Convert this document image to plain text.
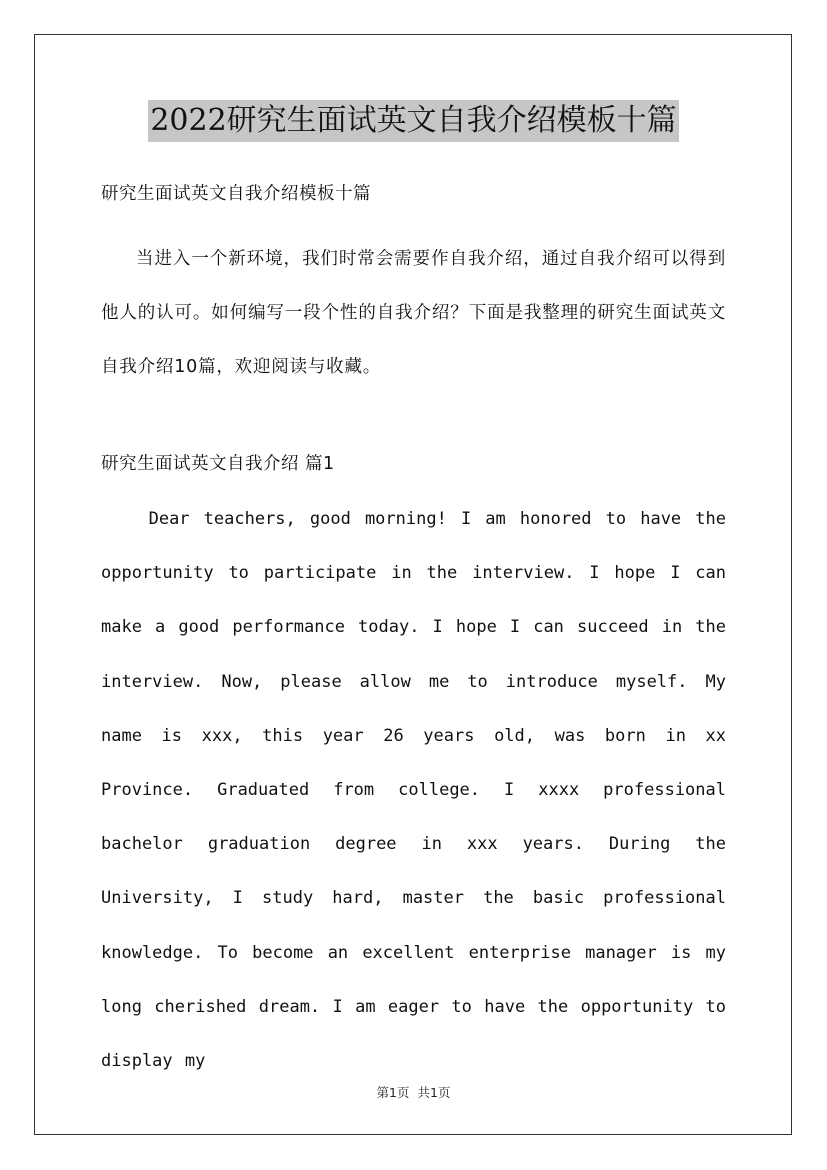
2022研究生面试英文自我介绍模板十篇
研究生面试英文自我介绍模板十篇
当进入一个新环境，我们时常会需要作自我介绍，通过自我介绍可以得到他人的认可。如何编写一段个性的自我介绍？下面是我整理的研究生面试英文自我介绍10篇，欢迎阅读与收藏。
研究生面试英文自我介绍 篇1
Dear teachers, good morning! I am honored to have the opportunity to participate in the interview. I hope I can make a good performance today. I hope I can succeed in the interview. Now, please allow me to introduce myself. My name is xxx, this year 26 years old, was born in xx Province. Graduated from college. I xxxx professional bachelor graduation degree in xxx years. During the University, I study hard, master the basic professional knowledge. To become an excellent enterprise manager is my long cherished dream. I am eager to have the opportunity to display my
第1页 共1页
